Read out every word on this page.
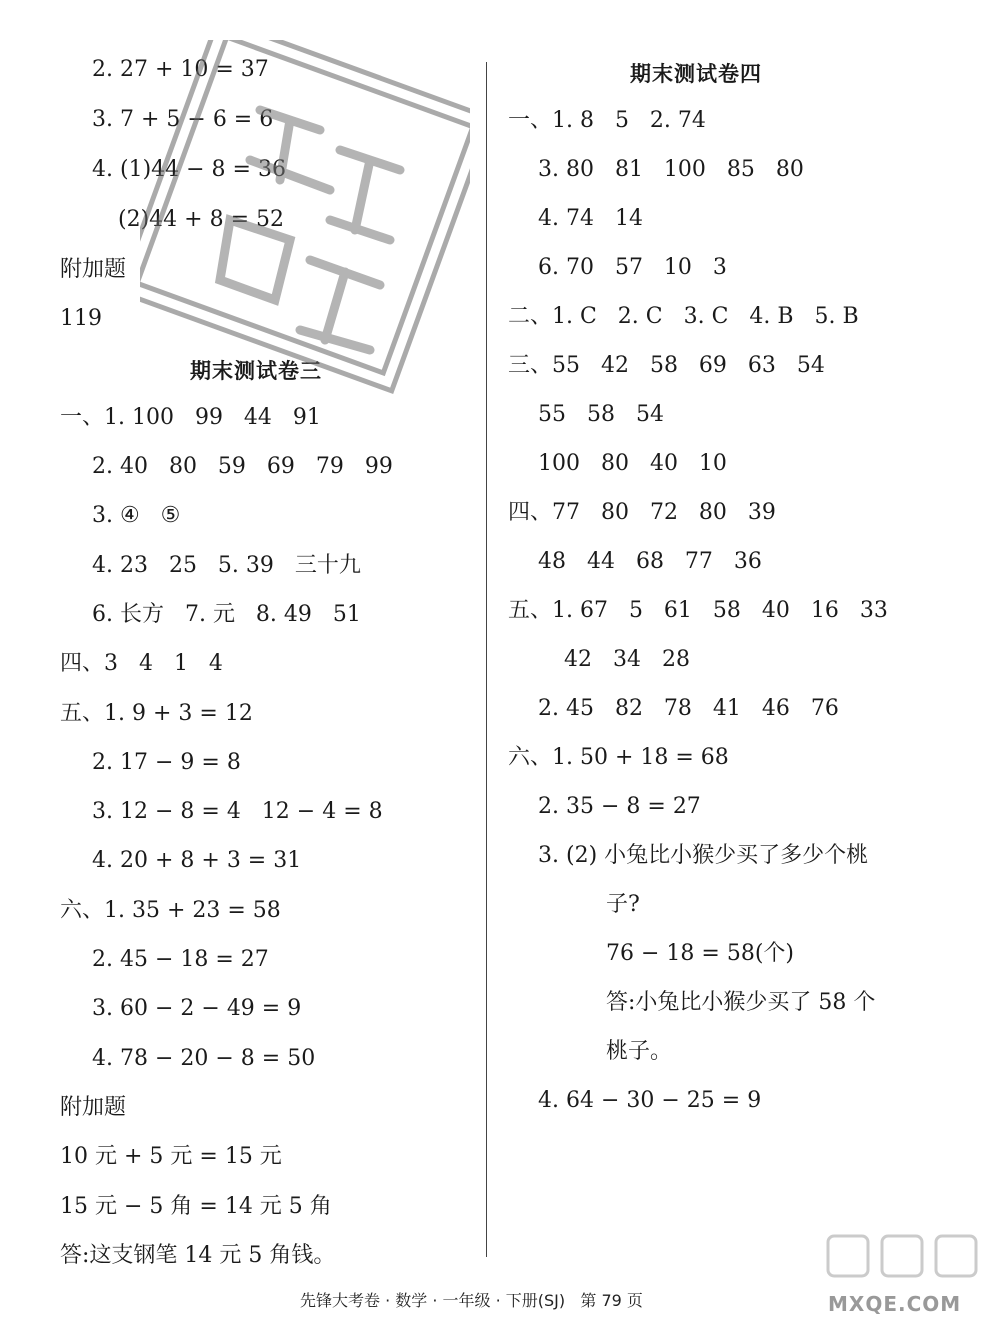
2. 27 + 10 = 37
3. 7 + 5 − 6 = 6
4. (1)44 − 8 = 36
(2)44 + 8 = 52
附加题
119
期末测试卷三
一、1. 100   99   44   91
2. 40   80   59   69   79   99
3. ④   ⑤
4. 23   25   5. 39   三十九
6. 长方   7. 元   8. 49   51
四、3   4   1   4
五、1. 9 + 3 = 12
2. 17 − 9 = 8
3. 12 − 8 = 4   12 − 4 = 8
4. 20 + 8 + 3 = 31
六、1. 35 + 23 = 58
2. 45 − 18 = 27
3. 60 − 2 − 49 = 9
4. 78 − 20 − 8 = 50
附加题
10 元 + 5 元 = 15 元
15 元 − 5 角 = 14 元 5 角
答:这支钢笔 14 元 5 角钱。
期末测试卷四
一、1. 8   5   2. 74
3. 80   81   100   85   80
4. 74   14
6. 70   57   10   3
二、1. C   2. C   3. C   4. B   5. B
三、55   42   58   69   63   54
55   58   54
100   80   40   10
四、77   80   72   80   39
48   44   68   77   36
五、1. 67   5   61   58   40   16   33
42   34   28
2. 45   82   78   41   46   76
六、1. 50 + 18 = 68
2. 35 − 8 = 27
3. (2) 小兔比小猴少买了多少个桃
子?
76 − 18 = 58(个)
答:小兔比小猴少买了 58 个
桃子。
4. 64 − 30 − 25 = 9
先锋大考卷 · 数学 · 一年级 · 下册(SJ)   第 79 页	MXQE.COM
